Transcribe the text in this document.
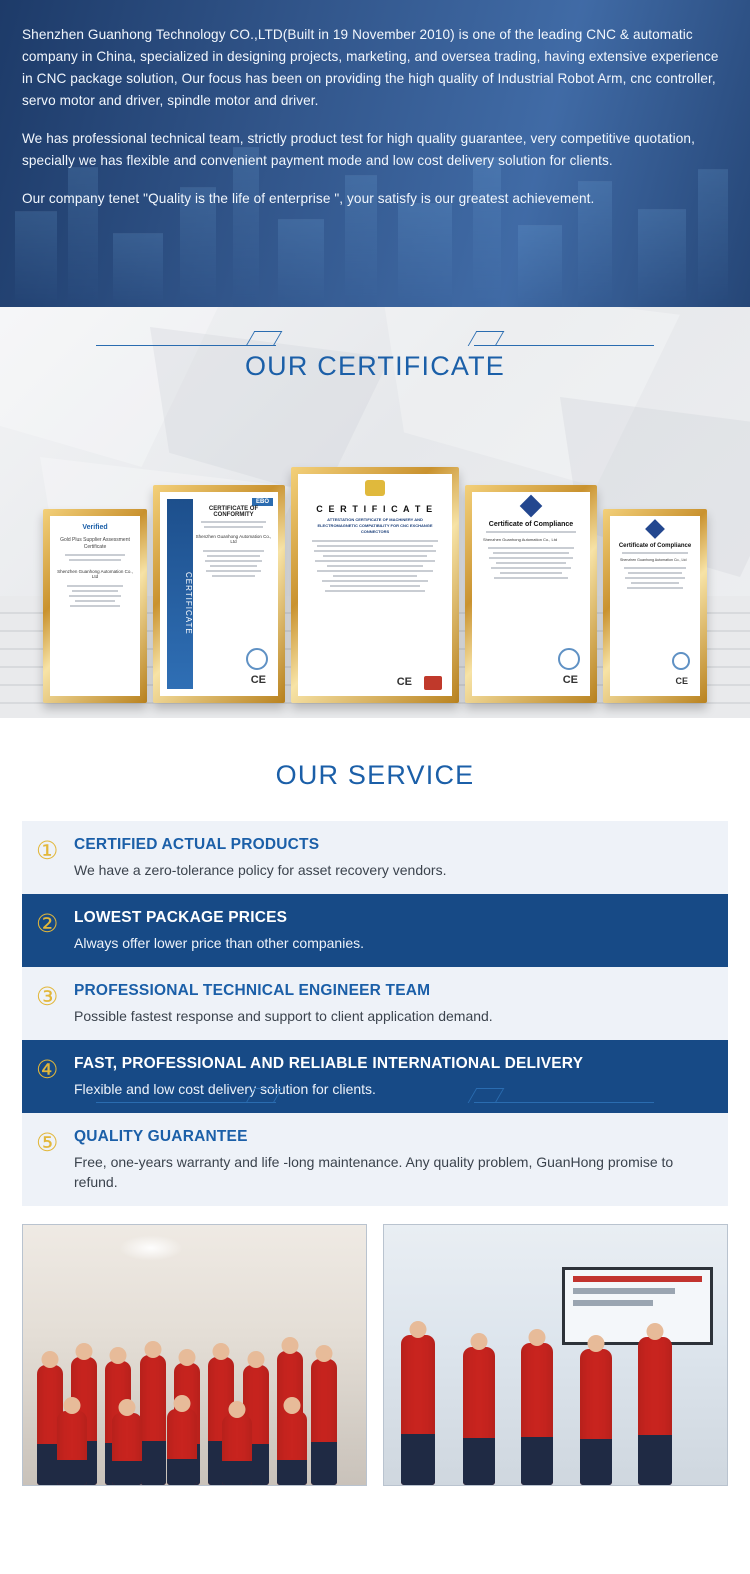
Shenzhen Guanhong Technology CO.,LTD(Built in 19 November 2010) is one of the leading CNC & automatic company in China, specialized in designing projects, marketing, and oversea trading, having extensive experience in CNC package solution, Our focus has been on providing the high quality of Industrial Robot Arm, cnc controller, servo motor and driver, spindle motor and driver.

We has professional technical team, strictly product test for high quality guarantee, very competitive quotation, specially we has flexible and convenient payment mode and low cost delivery solution for clients.

Our company tenet "Quality is the life of enterprise ", your satisfy is our greatest achievement.

OUR CERTIFICATE
Verified
Gold Plus Supplier Assessment Certificate
Shenzhen Guanhong Automation Co., Ltd	CERTIFICATE
EBO
CERTIFICATE OF CONFORMITY
Shenzhen Guanhong Automation Co., Ltd
CE
C E R T I F I C A T E
ATTESTATION CERTIFICATE OF MACHINERY AND ELECTROMAGNETIC COMPATIBILITY FOR CNC EXCHANGE CONNECTORS
CE
Certificate of Compliance
Shenzhen Guanhong Automation Co., Ltd
CE
Certificate of Compliance
Shenzhen Guanhong Automation Co., Ltd
CE
OUR SERVICE
①	CERTIFIED ACTUAL PRODUCTS
We have a zero-tolerance policy for asset recovery vendors.
②	LOWEST PACKAGE PRICES
Always offer lower price than other companies.
③	PROFESSIONAL TECHNICAL ENGINEER TEAM
Possible fastest response and support to client application demand.
④	FAST, PROFESSIONAL AND RELIABLE INTERNATIONAL DELIVERY
Flexible and low cost delivery solution for clients.
⑤	QUALITY GUARANTEE
Free, one-years warranty and life -long maintenance. Any quality problem, GuanHong promise to refund.
